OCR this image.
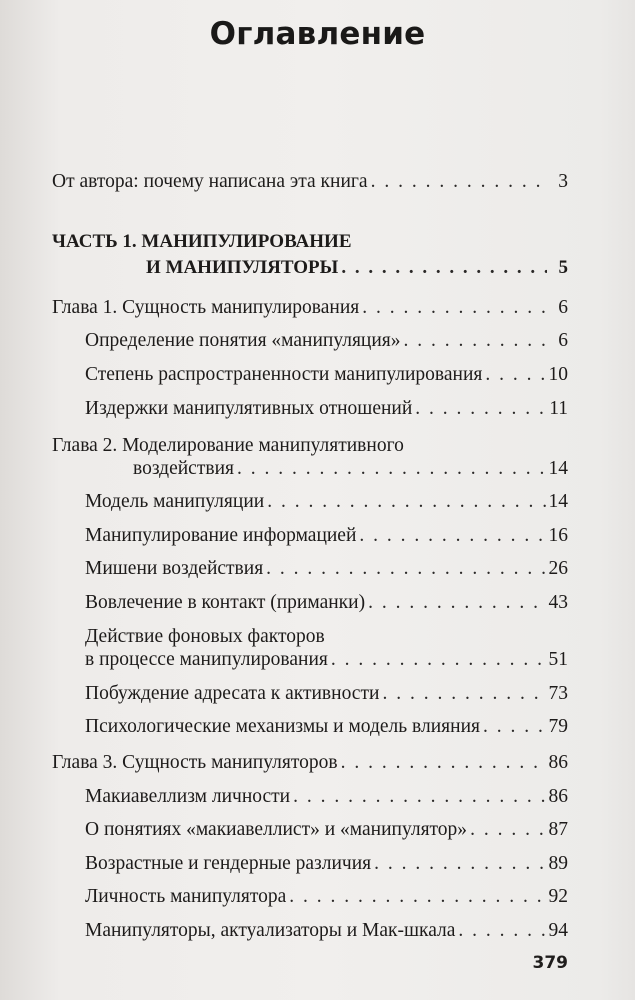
Оглавление
От автора: почему написана эта книга . . .	3
ЧАСТЬ 1. МАНИПУЛИРОВАНИЕ
И МАНИПУЛЯТОРЫ . . .	5
Глава 1. Сущность манипулирования . . .	6
Определение понятия «манипуляция» . . .	6
Степень распространенности манипулирования . . .	10
Издержки манипулятивных отношений . . .	11
Глава 2. Моделирование манипулятивного
воздействия . . .	14
Модель манипуляции . . .	14
Манипулирование информацией . . .	16
Мишени воздействия . . .	26
Вовлечение в контакт (приманки) . . .	43
Действие фоновых факторов
в процессе манипулирования . . .	51
Побуждение адресата к активности . . .	73
Психологические механизмы и модель влияния . . .	79
Глава 3. Сущность манипуляторов . . .	86
Макиавеллизм личности . . .	86
О понятиях «макиавеллист» и «манипулятор» . . .	87
Возрастные и гендерные различия . . .	89
Личность манипулятора . . .	92
Манипуляторы, актуализаторы и Мак-шкала . . .	94
379
